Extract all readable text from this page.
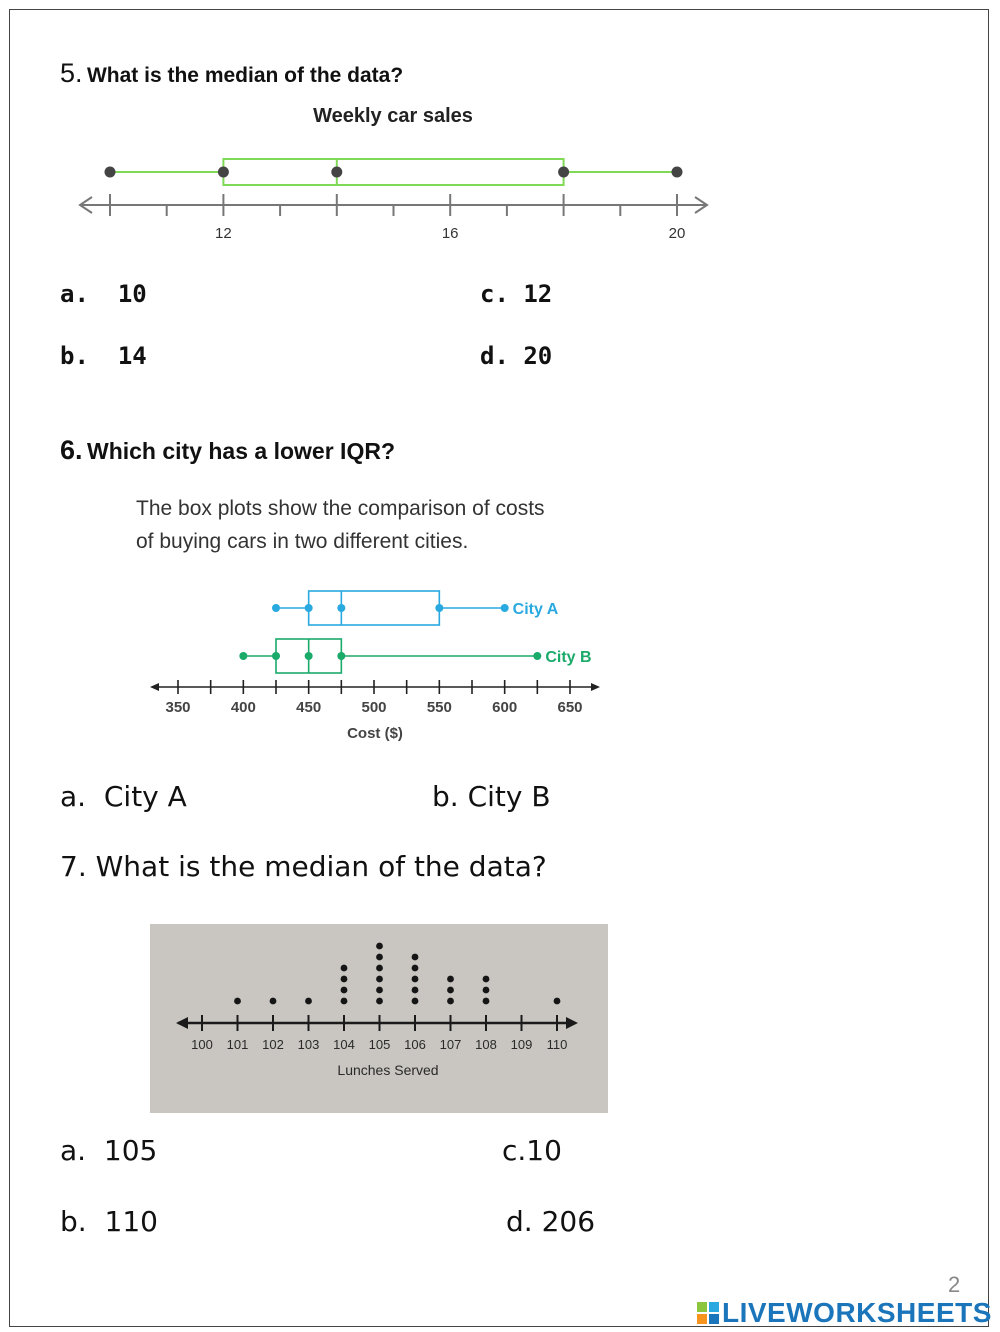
5. What is the median of the data?
Weekly car sales
12	16	20
a. 10	c. 12
b. 14	d. 20
6. Which city has a lower IQR?
The box plots show the comparison of costs
of buying cars in two different cities.
350	400	450	500	550	600	650
Cost ($)
City A
City B
a. City A	b. City B
7. What is the median of the data?
100 101 102 103 104 105 106 107 108 109 110
Lunches Served
a. 105	c.10
b. 110	d. 206
2
LIVEWORKSHEETS
